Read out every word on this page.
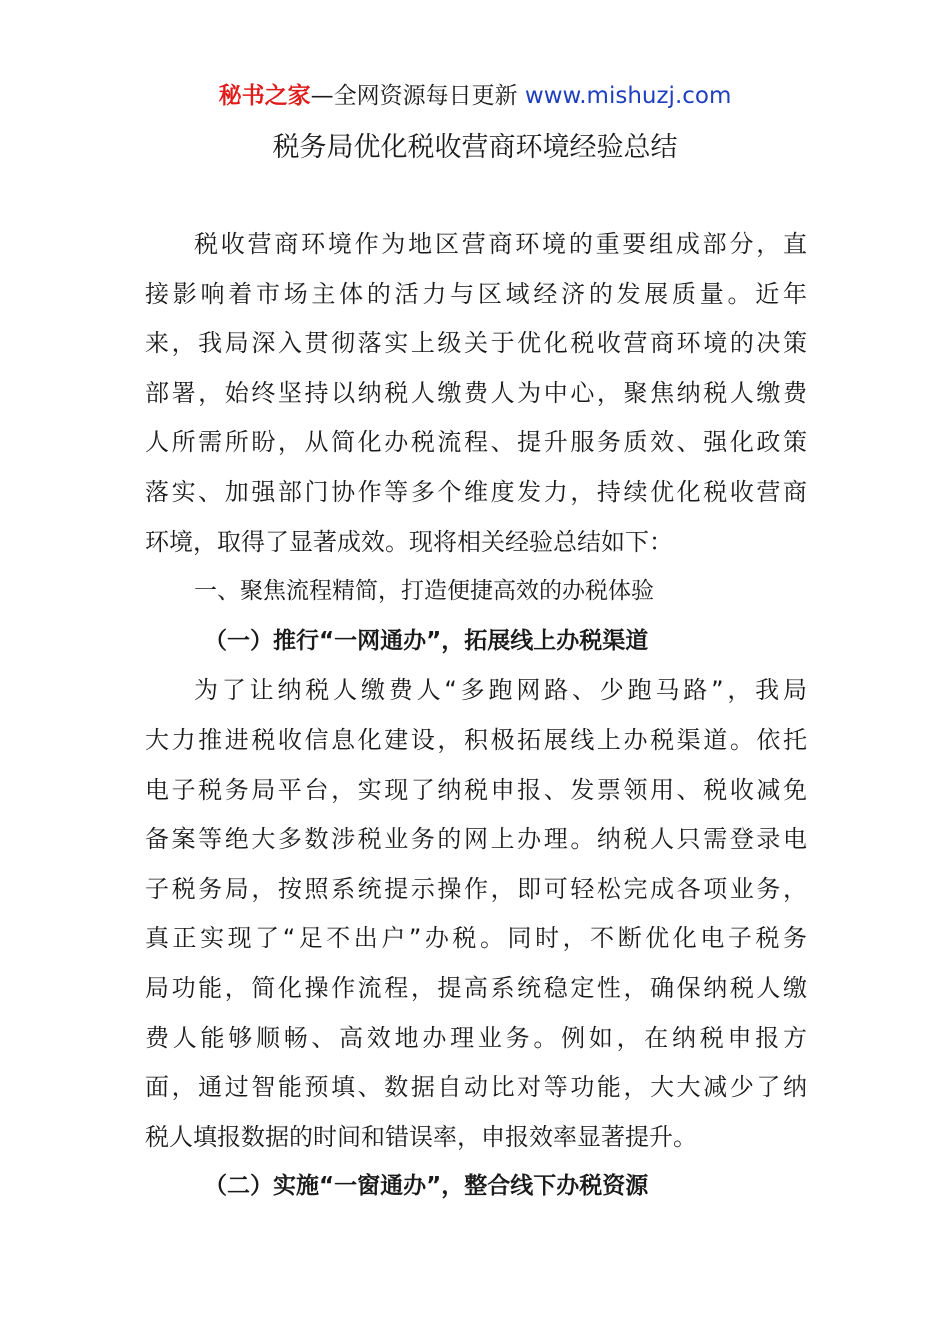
秘书之家—全网资源每日更新 www.mishuzj.com
税务局优化税收营商环境经验总结
税收营商环境作为地区营商环境的重要组成部分，直
接影响着市场主体的活力与区域经济的发展质量。近年
来，我局深入贯彻落实上级关于优化税收营商环境的决策
部署，始终坚持以纳税人缴费人为中心，聚焦纳税人缴费
人所需所盼，从简化办税流程、提升服务质效、强化政策
落实、加强部门协作等多个维度发力，持续优化税收营商
环境，取得了显著成效。现将相关经验总结如下：
一、聚焦流程精简，打造便捷高效的办税体验
（一）推行“一网通办”，拓展线上办税渠道
为了让纳税人缴费人“多跑网路、少跑马路”，我局
大力推进税收信息化建设，积极拓展线上办税渠道。依托
电子税务局平台，实现了纳税申报、发票领用、税收减免
备案等绝大多数涉税业务的网上办理。纳税人只需登录电
子税务局，按照系统提示操作，即可轻松完成各项业务，
真正实现了“足不出户”办税。同时，不断优化电子税务
局功能，简化操作流程，提高系统稳定性，确保纳税人缴
费人能够顺畅、高效地办理业务。例如，在纳税申报方
面，通过智能预填、数据自动比对等功能，大大减少了纳
税人填报数据的时间和错误率，申报效率显著提升。
（二）实施“一窗通办”，整合线下办税资源
